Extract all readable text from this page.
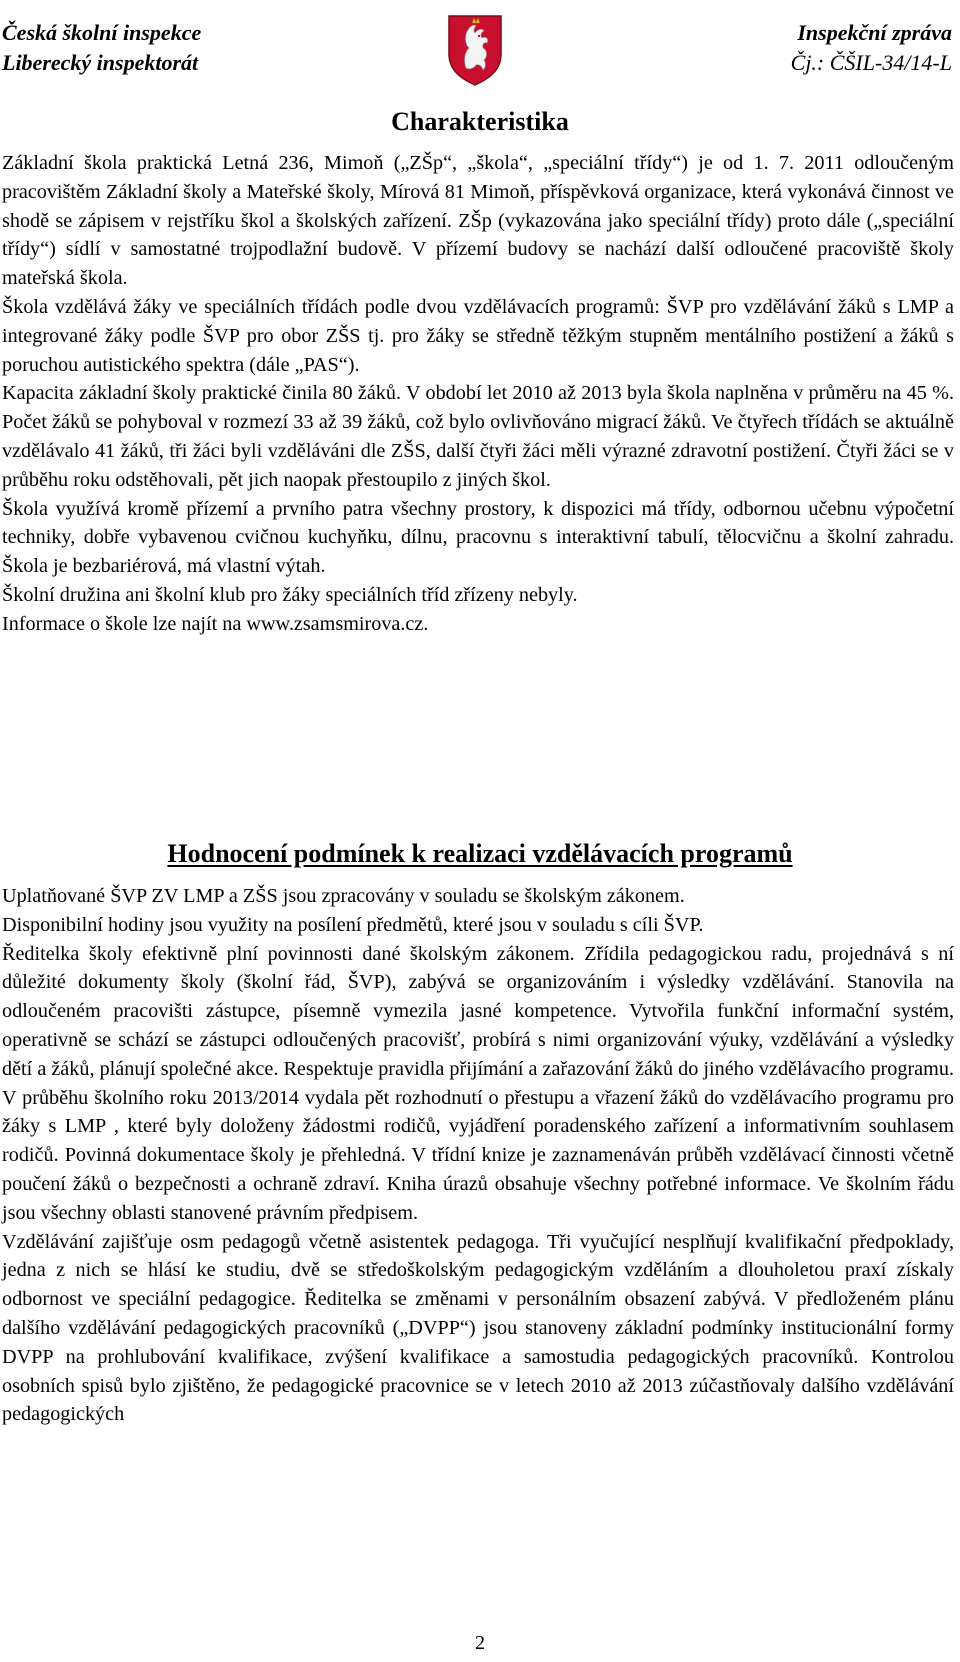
Česká školní inspekce
Liberecký inspektorát
Inspekční zpráva
Čj.: ČŠIL-34/14-L
Charakteristika

Základní škola praktická Letná 236, Mimoň („ZŠp“, „škola“, „speciální třídy“) je od 1. 7. 2011 odloučeným pracovištěm Základní školy a Mateřské školy, Mírová 81 Mimoň, příspěvková organizace, která vykonává činnost ve shodě se zápisem v rejstříku škol a školských zařízení. ZŠp (vykazována jako speciální třídy) proto dále („speciální třídy“) sídlí v samostatné trojpodlažní budově. V přízemí budovy se nachází další odloučené pracoviště školy mateřská škola.

Škola vzdělává žáky ve speciálních třídách podle dvou vzdělávacích programů: ŠVP pro vzdělávání žáků s LMP a integrované žáky podle ŠVP pro obor ZŠS tj. pro žáky se středně těžkým stupněm mentálního postižení a žáků s poruchou autistického spektra (dále „PAS“).

Kapacita základní školy praktické činila 80 žáků. V období let 2010 až 2013 byla škola naplněna v průměru na 45 %. Počet žáků se pohyboval v rozmezí 33 až 39 žáků, což bylo ovlivňováno migrací žáků. Ve čtyřech třídách se aktuálně vzdělávalo 41 žáků, tři žáci byli vzděláváni dle ZŠS, další čtyři žáci měli výrazné zdravotní postižení. Čtyři žáci se v průběhu roku odstěhovali, pět jich naopak přestoupilo z jiných škol.

Škola využívá kromě přízemí a prvního patra všechny prostory, k dispozici má třídy, odbornou učebnu výpočetní techniky, dobře vybavenou cvičnou kuchyňku, dílnu, pracovnu s interaktivní tabulí, tělocvičnu a školní zahradu. Škola je bezbariérová, má vlastní výtah.

Školní družina ani školní klub pro žáky speciálních tříd zřízeny nebyly.

Informace o škole lze najít na www.zsamsmirova.cz.

Hodnocení podmínek k realizaci vzdělávacích programů

Uplatňované ŠVP ZV LMP a ZŠS jsou zpracovány v souladu se školským zákonem.

Disponibilní hodiny jsou využity na posílení předmětů, které jsou v souladu s cíli ŠVP.

Ředitelka školy efektivně plní povinnosti dané školským zákonem. Zřídila pedagogickou radu, projednává s ní důležité dokumenty školy (školní řád, ŠVP), zabývá se organizováním i výsledky vzdělávání. Stanovila na odloučeném pracovišti zástupce, písemně vymezila jasné kompetence. Vytvořila funkční informační systém, operativně se schází se zástupci odloučených pracovišť, probírá s nimi organizování výuky, vzdělávání a výsledky dětí a žáků, plánují společné akce. Respektuje pravidla přijímání a zařazování žáků do jiného vzdělávacího programu. V průběhu školního roku 2013/2014 vydala pět rozhodnutí o přestupu a vřazení žáků do vzdělávacího programu pro žáky s LMP , které byly doloženy žádostmi rodičů, vyjádření poradenského zařízení a informativním souhlasem rodičů. Povinná dokumentace školy je přehledná. V třídní knize je zaznamenáván průběh vzdělávací činnosti včetně poučení žáků o bezpečnosti a ochraně zdraví. Kniha úrazů obsahuje všechny potřebné informace. Ve školním řádu jsou všechny oblasti stanovené právním předpisem.

Vzdělávání zajišťuje osm pedagogů včetně asistentek pedagoga. Tři vyučující nesplňují kvalifikační předpoklady, jedna z nich se hlásí ke studiu, dvě se středoškolským pedagogickým vzděláním a dlouholetou praxí získaly odbornost ve speciální pedagogice. Ředitelka se změnami v personálním obsazení zabývá. V předloženém plánu dalšího vzdělávání pedagogických pracovníků („DVPP“) jsou stanoveny základní podmínky institucionální formy DVPP na prohlubování kvalifikace, zvýšení kvalifikace a samostudia pedagogických pracovníků. Kontrolou osobních spisů bylo zjištěno, že pedagogické pracovnice se v letech 2010 až 2013 zúčastňovaly dalšího vzdělávání pedagogických

2
